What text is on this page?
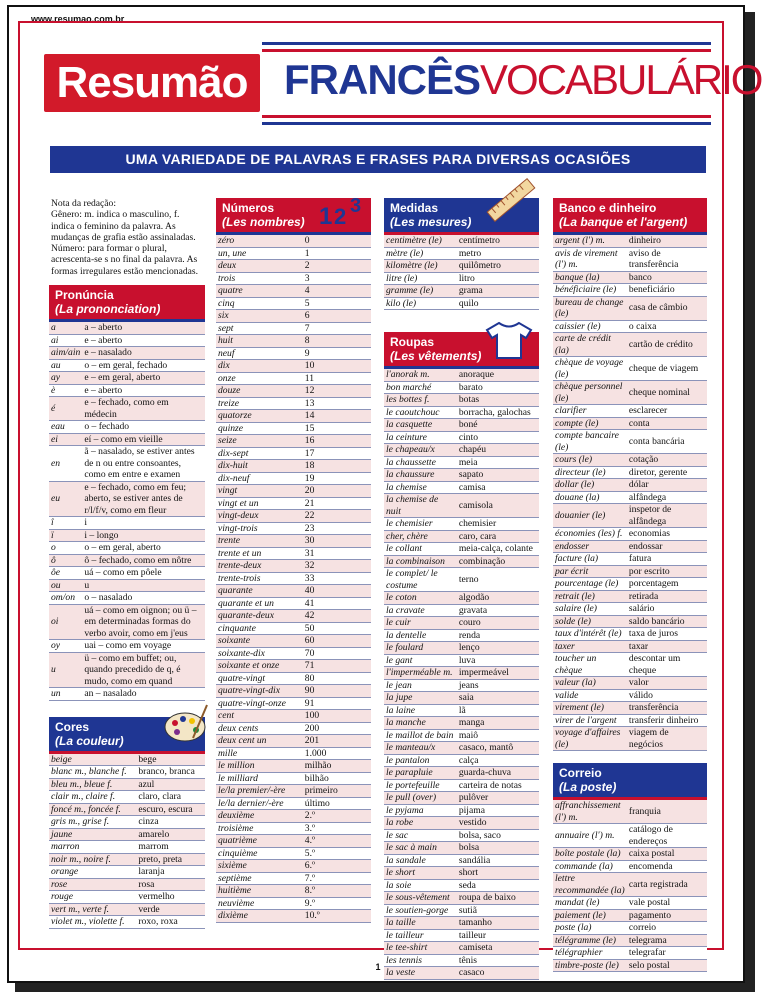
www.resumao.com.br
1
Resumão FRANCÊSVOCABULÁRIO
UMA VARIEDADE DE PALAVRAS E FRASES PARA DIVERSAS OCASIÕES
Nota da redação:
Gênero: m. indica o masculino, f. indica o feminino da palavra. As mudanças de grafia estão assinaladas.
Número: para formar o plural, acrescenta-se s no final da palavra. As formas irregulares estão mencionadas.
Pronúncia
(La prononciation)
a	a – aberto
ai	e – aberto
aim/ain	e – nasalado
au	o – em geral, fechado
ay	e – em geral, aberto
è	e – aberto
é	e – fechado, como em médecin
eau	o – fechado
ei	eí – como em vieille
en	ã – nasalado, se estiver antes de n ou entre consoantes, como em entre e examen
eu	e – fechado, como em feu; aberto, se estiver antes de r/l/f/v, como em fleur
î	i
ï	i – longo
o	o – em geral, aberto
ô	ô – fechado, como em nôtre
ôe	uá – como em pôele
ou	u
om/on	o – nasalado
oi	uá – como em oignon; ou ü – em determinadas formas do verbo avoir, como em j'eus
oy	uai – como em voyage
u	ü – como em buffet; ou, quando precedido de q, é mudo, como em quand
un	an – nasalado
Cores
(La couleur)
beige	bege
blanc m., blanche f.	branco, branca
bleu m., bleue f.	azul
clair m., claire f.	claro, clara
foncé m., foncée f.	escuro, escura
gris m., grise f.	cinza
jaune	amarelo
marron	marrom
noir m., noire f.	preto, preta
orange	laranja
rose	rosa
rouge	vermelho
vert m., verte f.	verde
violet m., violette f.	roxo, roxa
Números
(Les nombres) 1 2 3
zéro	0
un, une	1
deux	2
trois	3
quatre	4
cinq	5
six	6
sept	7
huit	8
neuf	9
dix	10
onze	11
douze	12
treize	13
quatorze	14
quinze	15
seize	16
dix-sept	17
dix-huit	18
dix-neuf	19
vingt	20
vingt et un	21
vingt-deux	22
vingt-trois	23
trente	30
trente et un	31
trente-deux	32
trente-trois	33
quarante	40
quarante et un	41
quarante-deux	42
cinquante	50
soixante	60
soixante-dix	70
soixante et onze	71
quatre-vingt	80
quatre-vingt-dix	90
quatre-vingt-onze	91
cent	100
deux cents	200
deux cent un	201
mille	1.000
le million	milhão
le milliard	bilhão
le/la premier/-ère	primeiro
le/la dernier/-ère	último
deuxième	2.º
troisième	3.º
quatrième	4.º
cinquième	5.º
sixième	6.º
septième	7.º
huitième	8.º
neuvième	9.º
dixième	10.º
Medidas
(Les mesures)
centimètre (le)	centímetro
mètre (le)	metro
kilomètre (le)	quilômetro
litre (le)	litro
gramme (le)	grama
kilo (le)	quilo
Roupas
(Les vêtements)
l'anorak m.	anoraque
bon marché	barato
les bottes f.	botas
le caoutchouc	borracha, galochas
la casquette	boné
la ceinture	cinto
le chapeau/x	chapéu
la chaussette	meia
la chaussure	sapato
la chemise	camisa
la chemise de nuit	camisola
le chemisier	chemisier
cher, chère	caro, cara
le collant	meia-calça, colante
la combinaison	combinação
le complet/ le costume	terno
le coton	algodão
la cravate	gravata
le cuir	couro
la dentelle	renda
le foulard	lenço
le gant	luva
l'imperméable m.	impermeável
le jean	jeans
la jupe	saia
la laine	lã
la manche	manga
le maillot de bain	maiô
le manteau/x	casaco, mantô
le pantalon	calça
le parapluie	guarda-chuva
le portefeuille	carteira de notas
le pull (over)	pulôver
le pyjama	pijama
la robe	vestido
le sac	bolsa, saco
le sac à main	bolsa
la sandale	sandália
le short	short
la soie	seda
le sous-vêtement	roupa de baixo
le soutien-gorge	sutiã
la taille	tamanho
le tailleur	tailleur
le tee-shirt	camiseta
les tennis	tênis
la veste	casaco
Banco e dinheiro
(La banque et l'argent)
argent (l') m.	dinheiro
avis de virement (l') m.	aviso de transferência
banque (la)	banco
bénéficiaire (le)	beneficiário
bureau de change (le)	casa de câmbio
caissier (le)	o caixa
carte de crédit (la)	cartão de crédito
chèque de voyage (le)	cheque de viagem
chèque personnel (le)	cheque nominal
clarifier	esclarecer
compte (le)	conta
compte bancaire (le)	conta bancária
cours (le)	cotação
directeur (le)	diretor, gerente
dollar (le)	dólar
douane (la)	alfândega
douanier (le)	inspetor de alfândega
économies (les) f.	economias
endosser	endossar
facture (la)	fatura
par écrit	por escrito
pourcentage (le)	porcentagem
retrait (le)	retirada
salaire (le)	salário
solde (le)	saldo bancário
taux d'intérêt (le)	taxa de juros
taxer	taxar
toucher un chèque	descontar um cheque
valeur (la)	valor
valide	válido
virement (le)	transferência
virer de l'argent	transferir dinheiro
voyage d'affaires (le)	viagem de negócios
Correio
(La poste)
affranchissement (l') m.	franquia
annuaire (l') m.	catálogo de endereços
boîte postale (la)	caixa postal
commande (la)	encomenda
lettre recommandée (la)	carta registrada
mandat (le)	vale postal
paiement (le)	pagamento
poste (la)	correio
télégramme (le)	telegrama
télégraphier	telegrafar
timbre-poste (le)	selo postal
